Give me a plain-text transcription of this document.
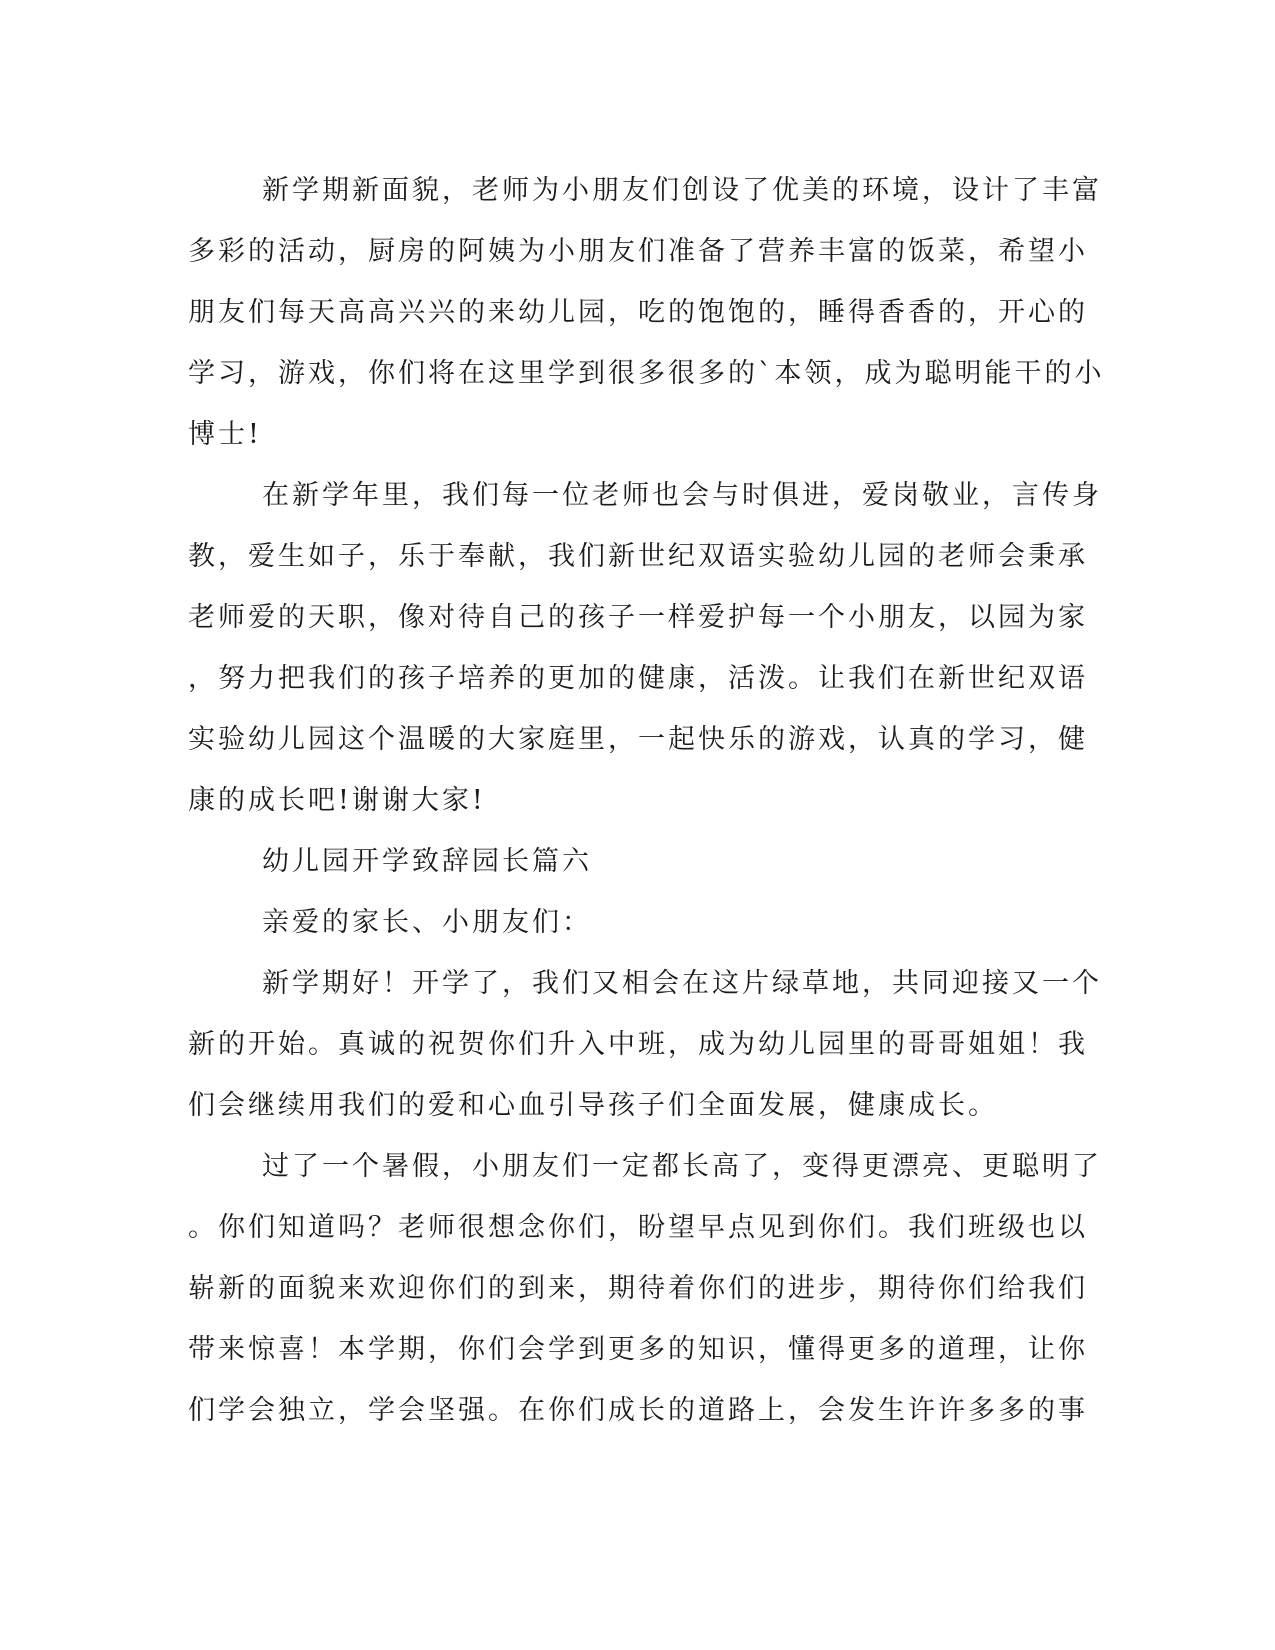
新学期新面貌，老师为小朋友们创设了优美的环境，设计了丰富
多彩的活动，厨房的阿姨为小朋友们准备了营养丰富的饭菜，希望小
朋友们每天高高兴兴的来幼儿园，吃的饱饱的，睡得香香的，开心的
学习，游戏，你们将在这里学到很多很多的`本领，成为聪明能干的小
博士!
在新学年里，我们每一位老师也会与时俱进，爱岗敬业，言传身
教，爱生如子，乐于奉献，我们新世纪双语实验幼儿园的老师会秉承
老师爱的天职，像对待自己的孩子一样爱护每一个小朋友，以园为家
，努力把我们的孩子培养的更加的健康，活泼。让我们在新世纪双语
实验幼儿园这个温暖的大家庭里，一起快乐的游戏，认真的学习，健
康的成长吧!谢谢大家!
幼儿园开学致辞园长篇六
亲爱的家长、小朋友们：
新学期好！开学了，我们又相会在这片绿草地，共同迎接又一个
新的开始。真诚的祝贺你们升入中班，成为幼儿园里的哥哥姐姐！我
们会继续用我们的爱和心血引导孩子们全面发展，健康成长。
过了一个暑假，小朋友们一定都长高了，变得更漂亮、更聪明了
。你们知道吗？老师很想念你们，盼望早点见到你们。我们班级也以
崭新的面貌来欢迎你们的到来，期待着你们的进步，期待你们给我们
带来惊喜！本学期，你们会学到更多的知识，懂得更多的道理，让你
们学会独立，学会坚强。在你们成长的道路上，会发生许许多多的事
